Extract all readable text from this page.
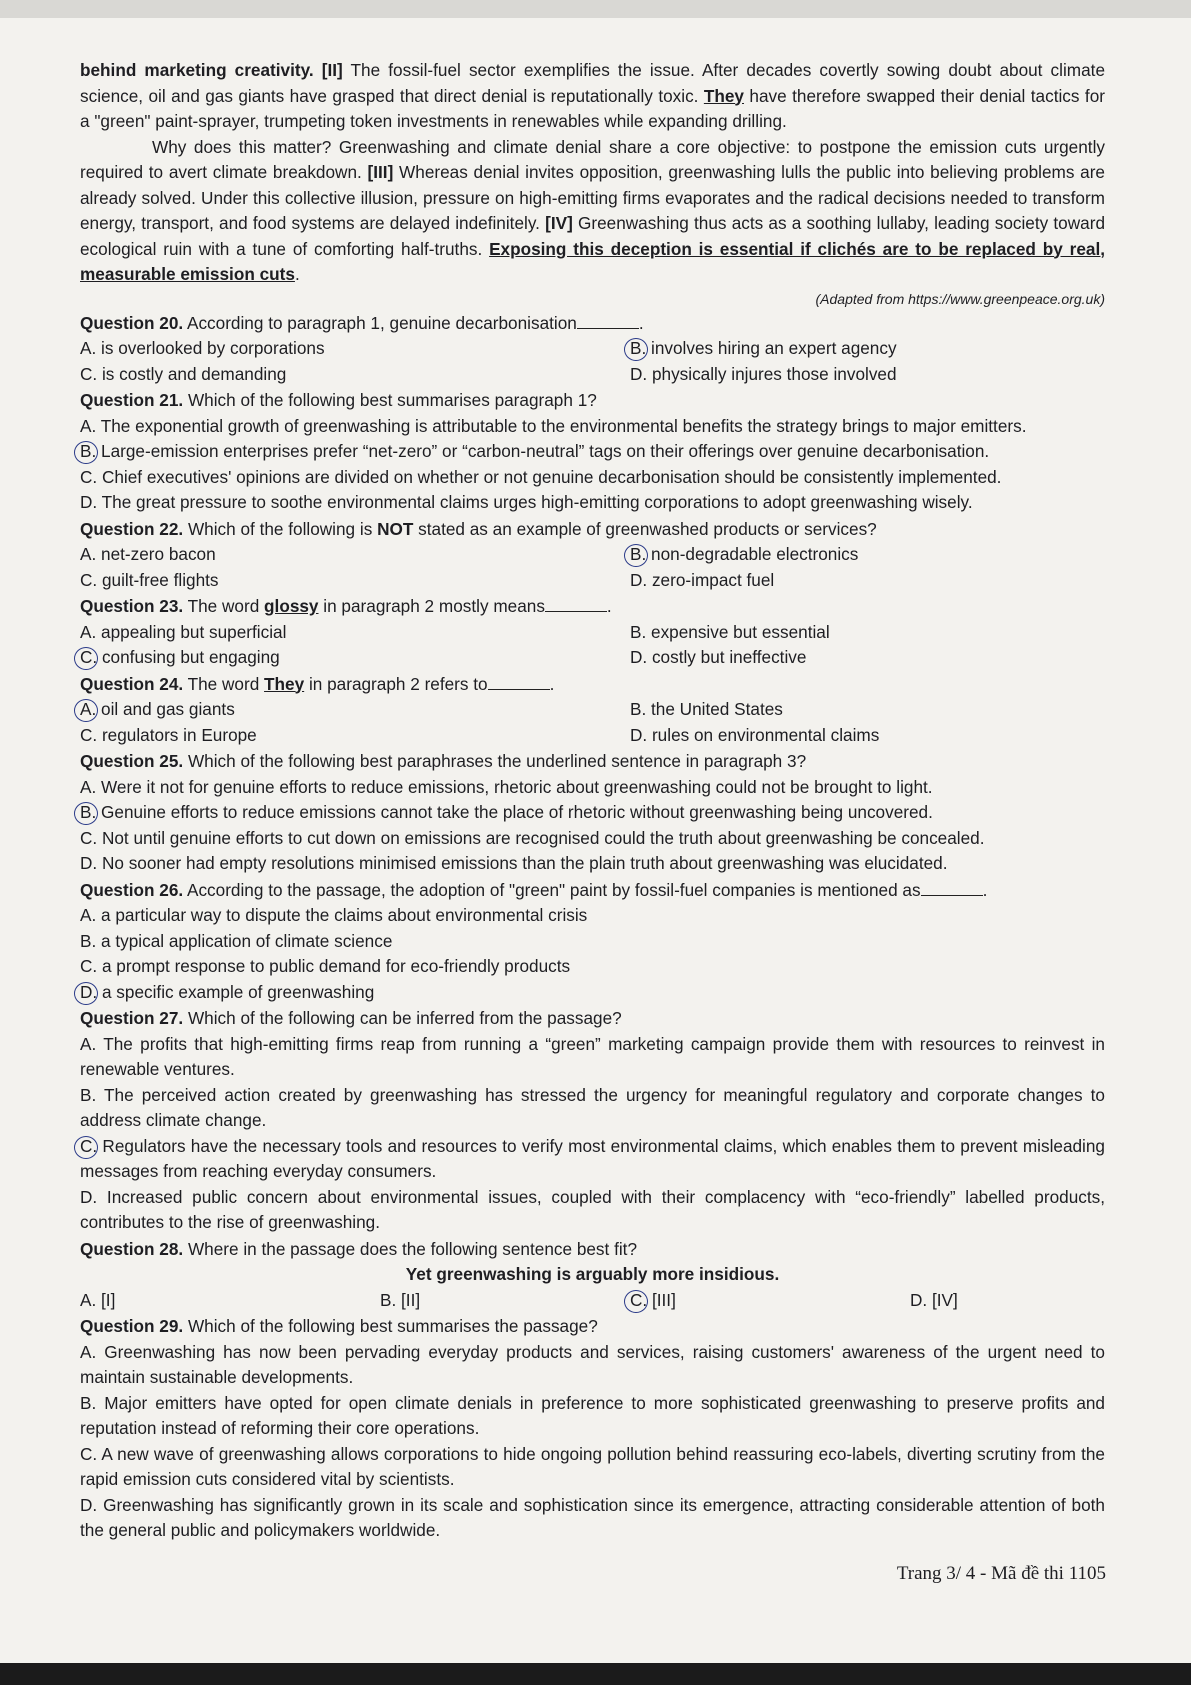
behind marketing creativity. [II] The fossil-fuel sector exemplifies the issue. After decades covertly sowing doubt about climate science, oil and gas giants have grasped that direct denial is reputationally toxic. They have therefore swapped their denial tactics for a "green" paint-sprayer, trumpeting token investments in renewables while expanding drilling.

Why does this matter? Greenwashing and climate denial share a core objective: to postpone the emission cuts urgently required to avert climate breakdown. [III] Whereas denial invites opposition, greenwashing lulls the public into believing problems are already solved. Under this collective illusion, pressure on high-emitting firms evaporates and the radical decisions needed to transform energy, transport, and food systems are delayed indefinitely. [IV] Greenwashing thus acts as a soothing lullaby, leading society toward ecological ruin with a tune of comforting half-truths. Exposing this deception is essential if clichés are to be replaced by real, measurable emission cuts.

(Adapted from https://www.greenpeace.org.uk)

Question 20. According to paragraph 1, genuine decarbonisation	.

A. is overlooked by corporations	B. involves hiring an expert agency
C. is costly and demanding	D. physically injures those involved

Question 21. Which of the following best summarises paragraph 1?

A. The exponential growth of greenwashing is attributable to the environmental benefits the strategy brings to major emitters.

B. Large-emission enterprises prefer “net-zero” or “carbon-neutral” tags on their offerings over genuine decarbonisation.

C. Chief executives' opinions are divided on whether or not genuine decarbonisation should be consistently implemented.

D. The great pressure to soothe environmental claims urges high-emitting corporations to adopt greenwashing wisely.

Question 22. Which of the following is NOT stated as an example of greenwashed products or services?

A. net-zero bacon	B. non-degradable electronics
C. guilt-free flights	D. zero-impact fuel

Question 23. The word glossy in paragraph 2 mostly means	.

A. appealing but superficial	B. expensive but essential
C. confusing but engaging	D. costly but ineffective

Question 24. The word They in paragraph 2 refers to	.

A. oil and gas giants	B. the United States
C. regulators in Europe	D. rules on environmental claims

Question 25. Which of the following best paraphrases the underlined sentence in paragraph 3?

A. Were it not for genuine efforts to reduce emissions, rhetoric about greenwashing could not be brought to light.

B. Genuine efforts to reduce emissions cannot take the place of rhetoric without greenwashing being uncovered.

C. Not until genuine efforts to cut down on emissions are recognised could the truth about greenwashing be concealed.

D. No sooner had empty resolutions minimised emissions than the plain truth about greenwashing was elucidated.

Question 26. According to the passage, the adoption of "green" paint by fossil-fuel companies is mentioned as	.

A. a particular way to dispute the claims about environmental crisis

B. a typical application of climate science

C. a prompt response to public demand for eco-friendly products

D. a specific example of greenwashing

Question 27. Which of the following can be inferred from the passage?

A. The profits that high-emitting firms reap from running a “green” marketing campaign provide them with resources to reinvest in renewable ventures.

B. The perceived action created by greenwashing has stressed the urgency for meaningful regulatory and corporate changes to address climate change.

C. Regulators have the necessary tools and resources to verify most environmental claims, which enables them to prevent misleading messages from reaching everyday consumers.

D. Increased public concern about environmental issues, coupled with their complacency with “eco-friendly” labelled products, contributes to the rise of greenwashing.

Question 28. Where in the passage does the following sentence best fit?

Yet greenwashing is arguably more insidious.

A. [I]	B. [II]	C. [III]	D. [IV]

Question 29. Which of the following best summarises the passage?

A. Greenwashing has now been pervading everyday products and services, raising customers' awareness of the urgent need to maintain sustainable developments.

B. Major emitters have opted for open climate denials in preference to more sophisticated greenwashing to preserve profits and reputation instead of reforming their core operations.

C. A new wave of greenwashing allows corporations to hide ongoing pollution behind reassuring eco-labels, diverting scrutiny from the rapid emission cuts considered vital by scientists.

D. Greenwashing has significantly grown in its scale and sophistication since its emergence, attracting considerable attention of both the general public and policymakers worldwide.

Trang 3/ 4 - Mã đề thi 1105
